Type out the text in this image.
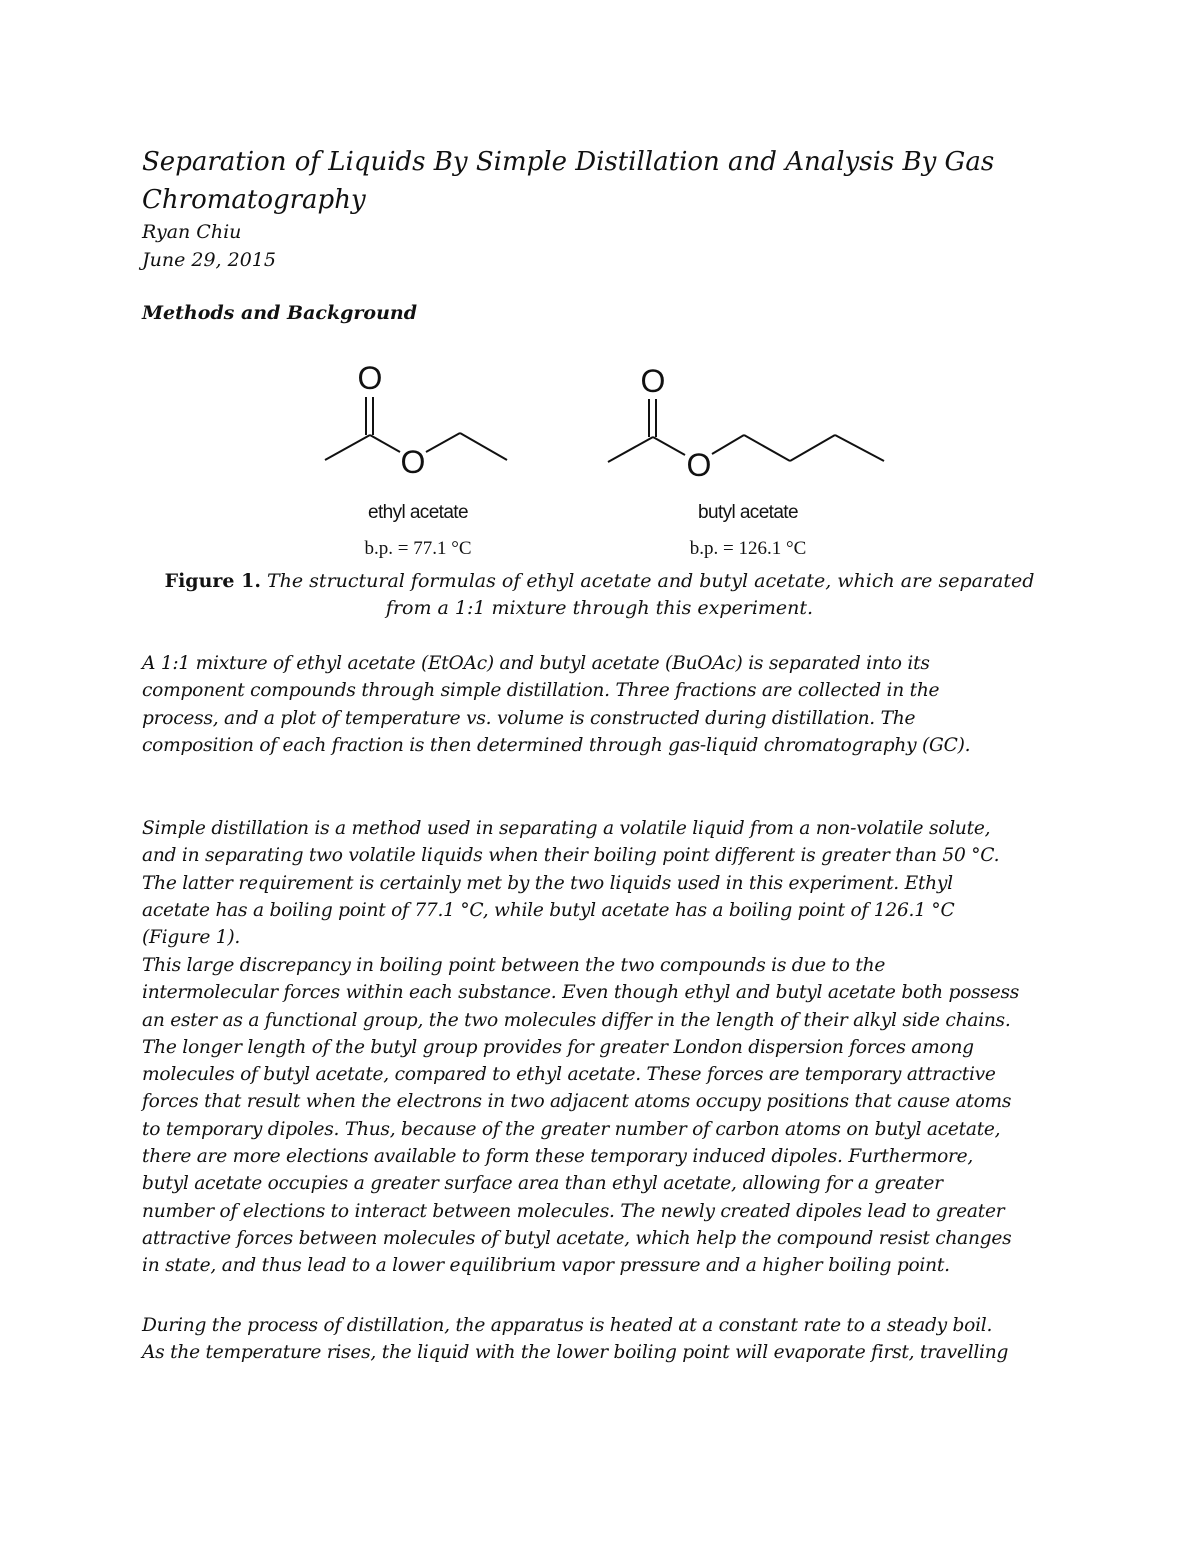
Separation of Liquids By Simple Distillation and Analysis By Gas Chromatography
Ryan Chiu
June 29, 2015
Methods and Background
O
O
ethyl acetate
b.p. = 77.1 °C
O
O
butyl acetate
b.p. = 126.1 °C
Figure 1. The structural formulas of ethyl acetate and butyl acetate, which are separated from a 1:1 mixture through this experiment.
A 1:1 mixture of ethyl acetate (EtOAc) and butyl acetate (BuOAc) is separated into its
component compounds through simple distillation. Three fractions are collected in the
process, and a plot of temperature vs. volume is constructed during distillation. The
composition of each fraction is then determined through gas-liquid chromatography (GC).
Simple distillation is a method used in separating a volatile liquid from a non-volatile solute,
and in separating two volatile liquids when their boiling point different is greater than 50 °C.
The latter requirement is certainly met by the two liquids used in this experiment. Ethyl
acetate has a boiling point of 77.1 °C, while butyl acetate has a boiling point of 126.1 °C
(Figure 1).
This large discrepancy in boiling point between the two compounds is due to the
intermolecular forces within each substance. Even though ethyl and butyl acetate both possess
an ester as a functional group, the two molecules differ in the length of their alkyl side chains.
The longer length of the butyl group provides for greater London dispersion forces among
molecules of butyl acetate, compared to ethyl acetate. These forces are temporary attractive
forces that result when the electrons in two adjacent atoms occupy positions that cause atoms
to temporary dipoles. Thus, because of the greater number of carbon atoms on butyl acetate,
there are more elections available to form these temporary induced dipoles. Furthermore,
butyl acetate occupies a greater surface area than ethyl acetate, allowing for a greater
number of elections to interact between molecules. The newly created dipoles lead to greater
attractive forces between molecules of butyl acetate, which help the compound resist changes
in state, and thus lead to a lower equilibrium vapor pressure and a higher boiling point.
During the process of distillation, the apparatus is heated at a constant rate to a steady boil.
As the temperature rises, the liquid with the lower boiling point will evaporate first, travelling
